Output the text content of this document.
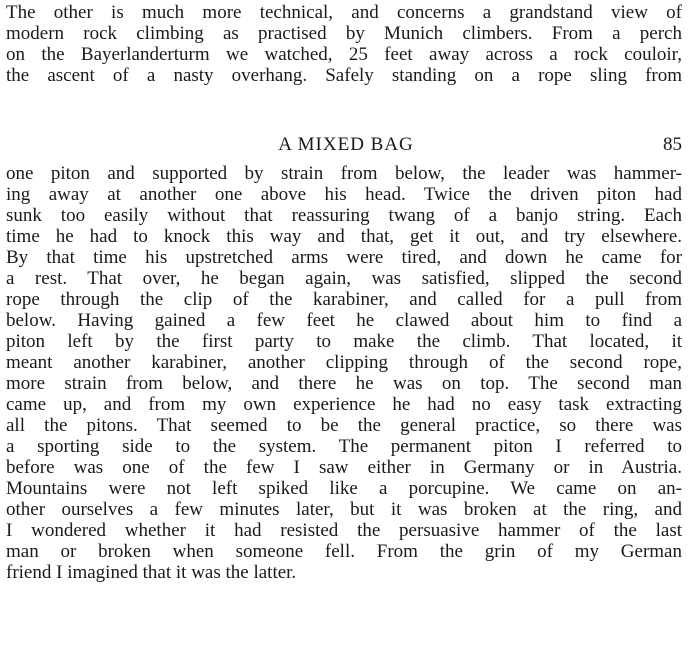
The other is much more technical, and concerns a grandstand view of
modern rock climbing as practised by Munich climbers. From a perch
on the Bayerlanderturm we watched, 25 feet away across a rock couloir,
the ascent of a nasty overhang. Safely standing on a rope sling from
A MIXED BAG	85
one piton and supported by strain from below, the leader was hammer-
ing away at another one above his head. Twice the driven piton had
sunk too easily without that reassuring twang of a banjo string. Each
time he had to knock this way and that, get it out, and try elsewhere.
By that time his upstretched arms were tired, and down he came for
a rest. That over, he began again, was satisfied, slipped the second
rope through the clip of the karabiner, and called for a pull from
below. Having gained a few feet he clawed about him to find a
piton left by the first party to make the climb. That located, it
meant another karabiner, another clipping through of the second rope,
more strain from below, and there he was on top. The second man
came up, and from my own experience he had no easy task extracting
all the pitons. That seemed to be the general practice, so there was
a sporting side to the system. The permanent piton I referred to
before was one of the few I saw either in Germany or in Austria.
Mountains were not left spiked like a porcupine. We came on an-
other ourselves a few minutes later, but it was broken at the ring, and
I wondered whether it had resisted the persuasive hammer of the last
man or broken when someone fell. From the grin of my German
friend I imagined that it was the latter.
